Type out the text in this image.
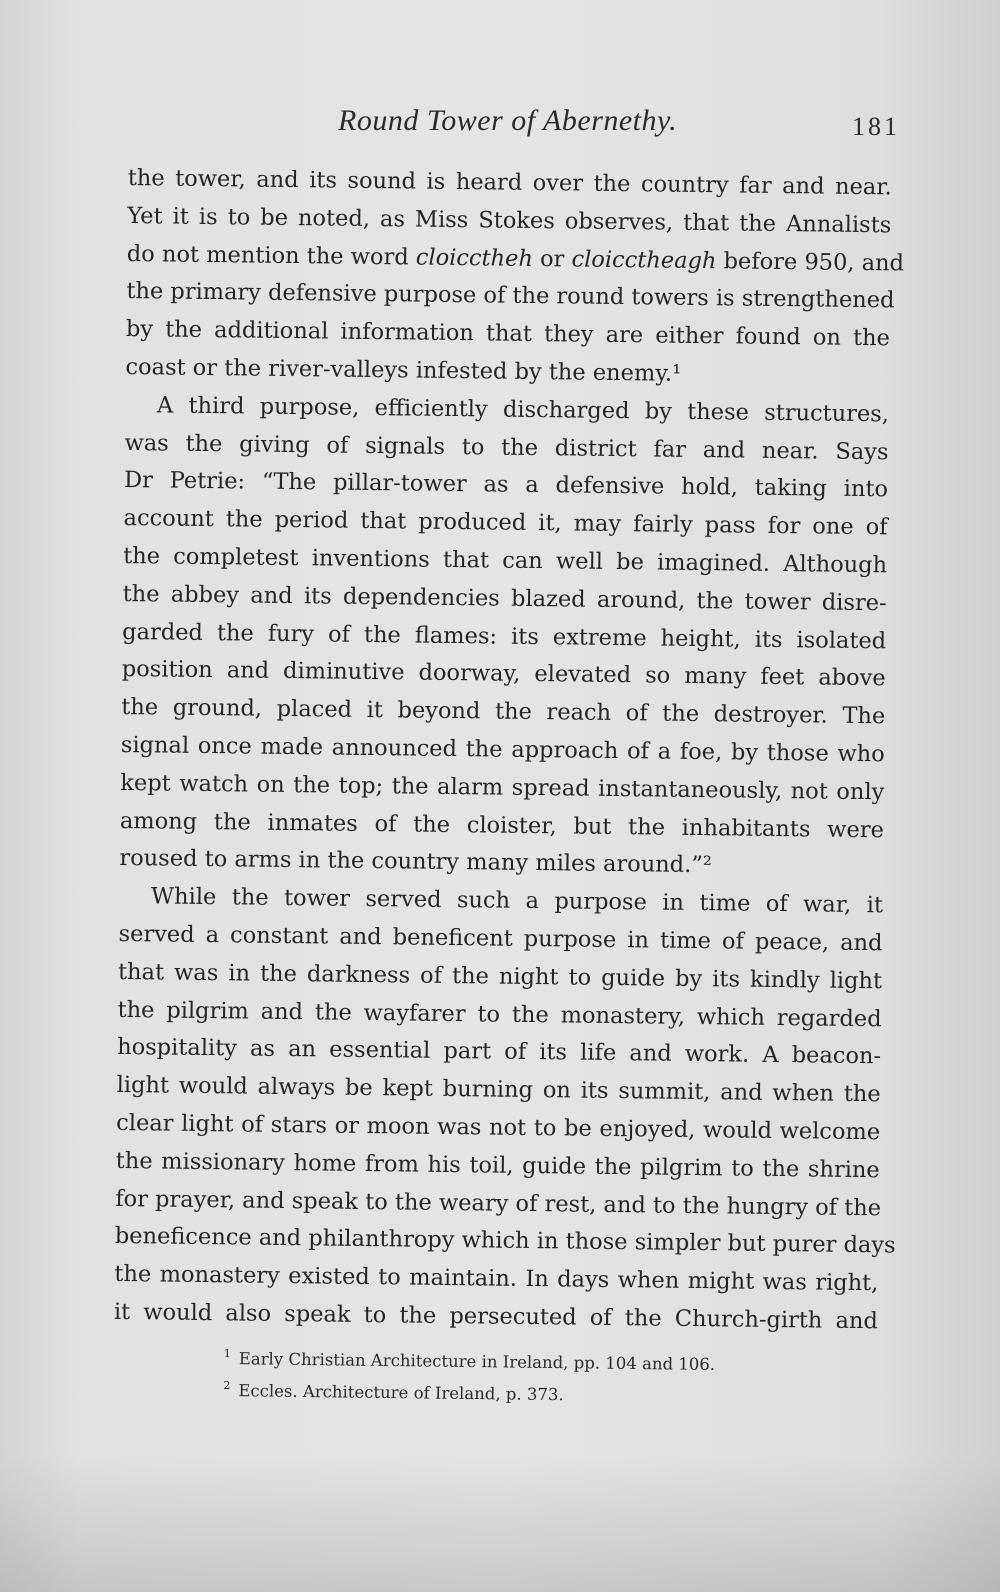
Round Tower of Abernethy.	181
the tower, and its sound is heard over the country far and near.
Yet it is to be noted, as Miss Stokes observes, that the Annalists
do not mention the word cloicctheh or cloicctheagh before 950, and
the primary defensive purpose of the round towers is strengthened
by the additional information that they are either found on the
coast or the river-valleys infested by the enemy.¹
A third purpose, efficiently discharged by these structures,
was the giving of signals to the district far and near. Says
Dr Petrie: “The pillar-tower as a defensive hold, taking into
account the period that produced it, may fairly pass for one of
the completest inventions that can well be imagined. Although
the abbey and its dependencies blazed around, the tower disre-
garded the fury of the flames: its extreme height, its isolated
position and diminutive doorway, elevated so many feet above
the ground, placed it beyond the reach of the destroyer. The
signal once made announced the approach of a foe, by those who
kept watch on the top; the alarm spread instantaneously, not only
among the inmates of the cloister, but the inhabitants were
roused to arms in the country many miles around.”²
While the tower served such a purpose in time of war, it
served a constant and beneficent purpose in time of peace, and
that was in the darkness of the night to guide by its kindly light
the pilgrim and the wayfarer to the monastery, which regarded
hospitality as an essential part of its life and work. A beacon-
light would always be kept burning on its summit, and when the
clear light of stars or moon was not to be enjoyed, would welcome
the missionary home from his toil, guide the pilgrim to the shrine
for prayer, and speak to the weary of rest, and to the hungry of the
beneficence and philanthropy which in those simpler but purer days
the monastery existed to maintain. In days when might was right,
it would also speak to the persecuted of the Church-girth and
$^1$ Early Christian Architecture in Ireland, pp. 104 and 106.
$^2$ Eccles. Architecture of Ireland, p. 373.
